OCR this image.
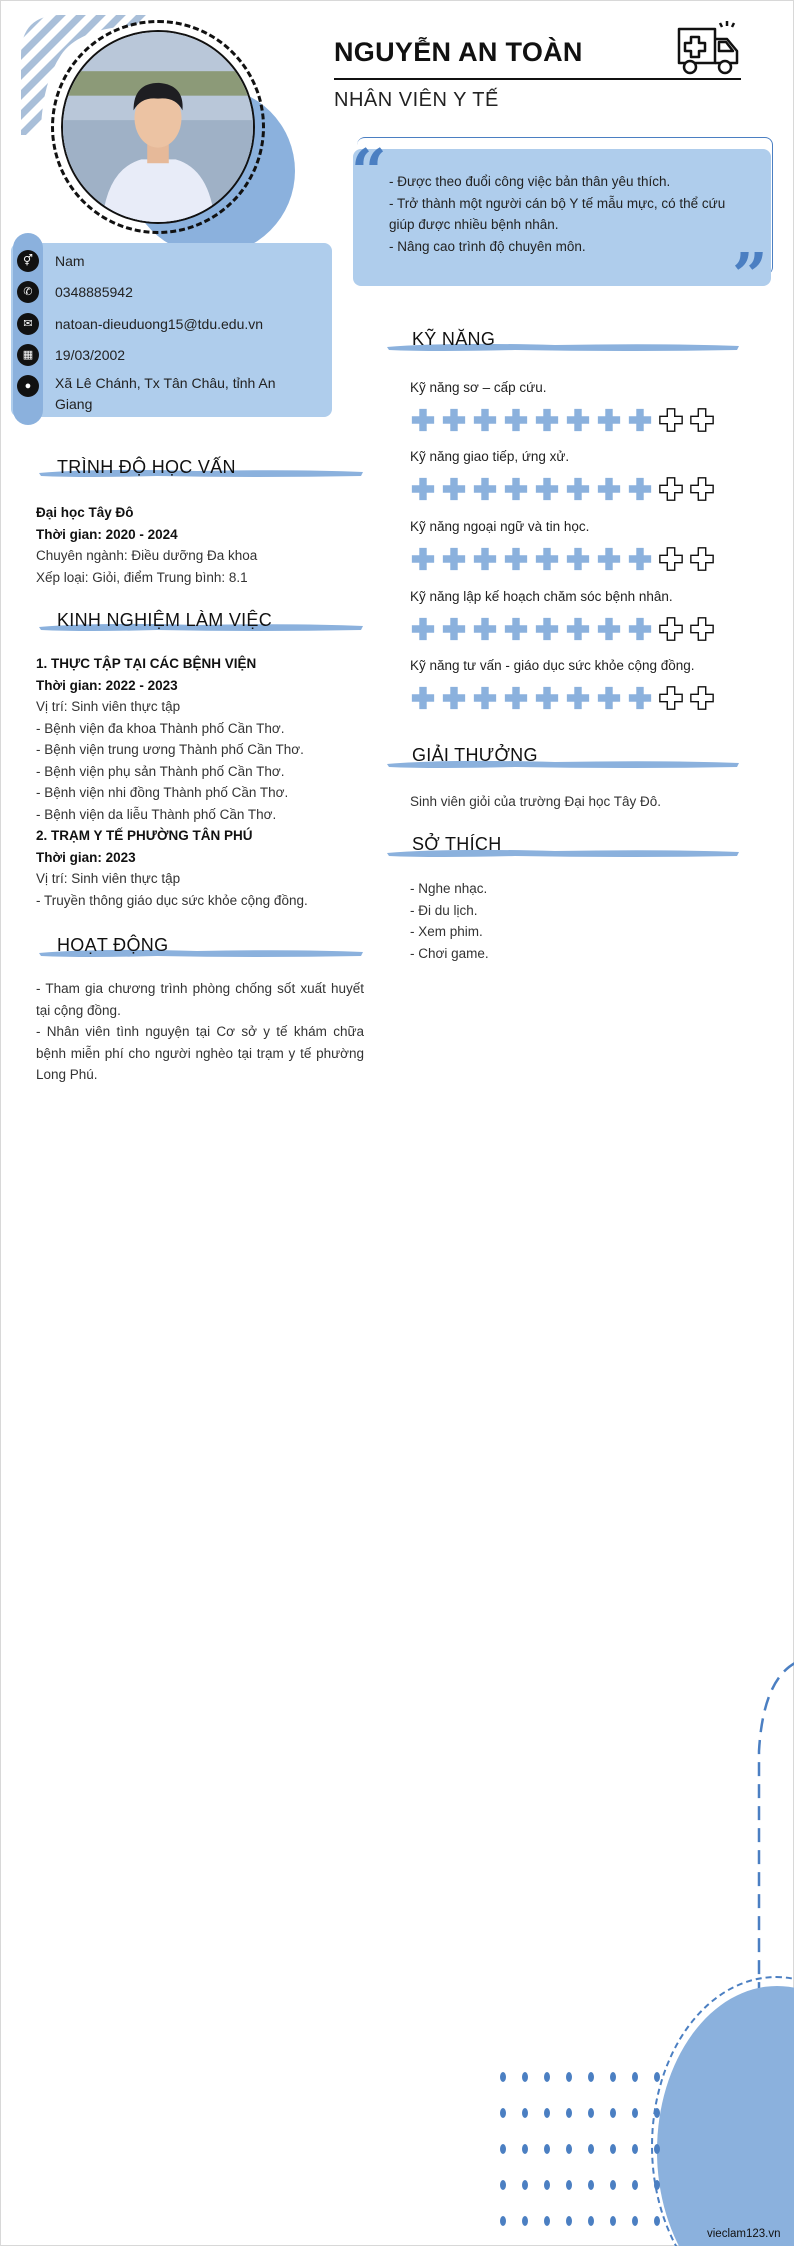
NGUYỄN AN TOÀN
NHÂN VIÊN Y TẾ
⚥	Nam
✆	0348885942
✉	natoan-dieuduong15@tdu.edu.vn
▦	19/03/2002
●	Xã Lê Chánh, Tx Tân Châu, tỉnh An Giang
“
”
- Được theo đuổi công việc bản thân yêu thích.
- Trở thành một người cán bộ Y tế mẫu mực, có thể cứu giúp được nhiều bệnh nhân.
- Nâng cao trình độ chuyên môn.
TRÌNH ĐỘ HỌC VẤN
Đại học Tây Đô
Thời gian: 2020 - 2024
Chuyên ngành: Điều dưỡng Đa khoa
Xếp loại: Giỏi, điểm Trung bình: 8.1
KINH NGHIỆM LÀM VIỆC
1. THỰC TẬP TẠI CÁC BỆNH VIỆN
Thời gian: 2022 - 2023
Vị trí: Sinh viên thực tập
- Bệnh viện đa khoa Thành phố Cần Thơ.
- Bệnh viện trung ương Thành phố Cần Thơ.
- Bệnh viện phụ sản Thành phố Cần Thơ.
- Bệnh viện nhi đồng Thành phố Cần Thơ.
- Bệnh viện da liễu Thành phố Cần Thơ.
2. TRẠM Y TẾ PHƯỜNG TÂN PHÚ
Thời gian: 2023
Vị trí: Sinh viên thực tập
- Truyền thông giáo dục sức khỏe cộng đồng.
HOẠT ĐỘNG
- Tham gia chương trình phòng chống sốt xuất huyết tại cộng đồng.
- Nhân viên tình nguyện tại Cơ sở y tế khám chữa bệnh miễn phí cho người nghèo tại trạm y tế phường Long Phú.
KỸ NĂNG
Kỹ năng sơ – cấp cứu.
Kỹ năng giao tiếp, ứng xử.
Kỹ năng ngoại ngữ và tin học.
Kỹ năng lập kế hoạch chăm sóc bệnh nhân.
Kỹ năng tư vấn - giáo dục sức khỏe cộng đồng.
GIẢI THƯỞNG
Sinh viên giỏi của trường Đại học Tây Đô.
SỞ THÍCH
- Nghe nhạc.
- Đi du lịch.
- Xem phim.
- Chơi game.
vieclam123.vn
